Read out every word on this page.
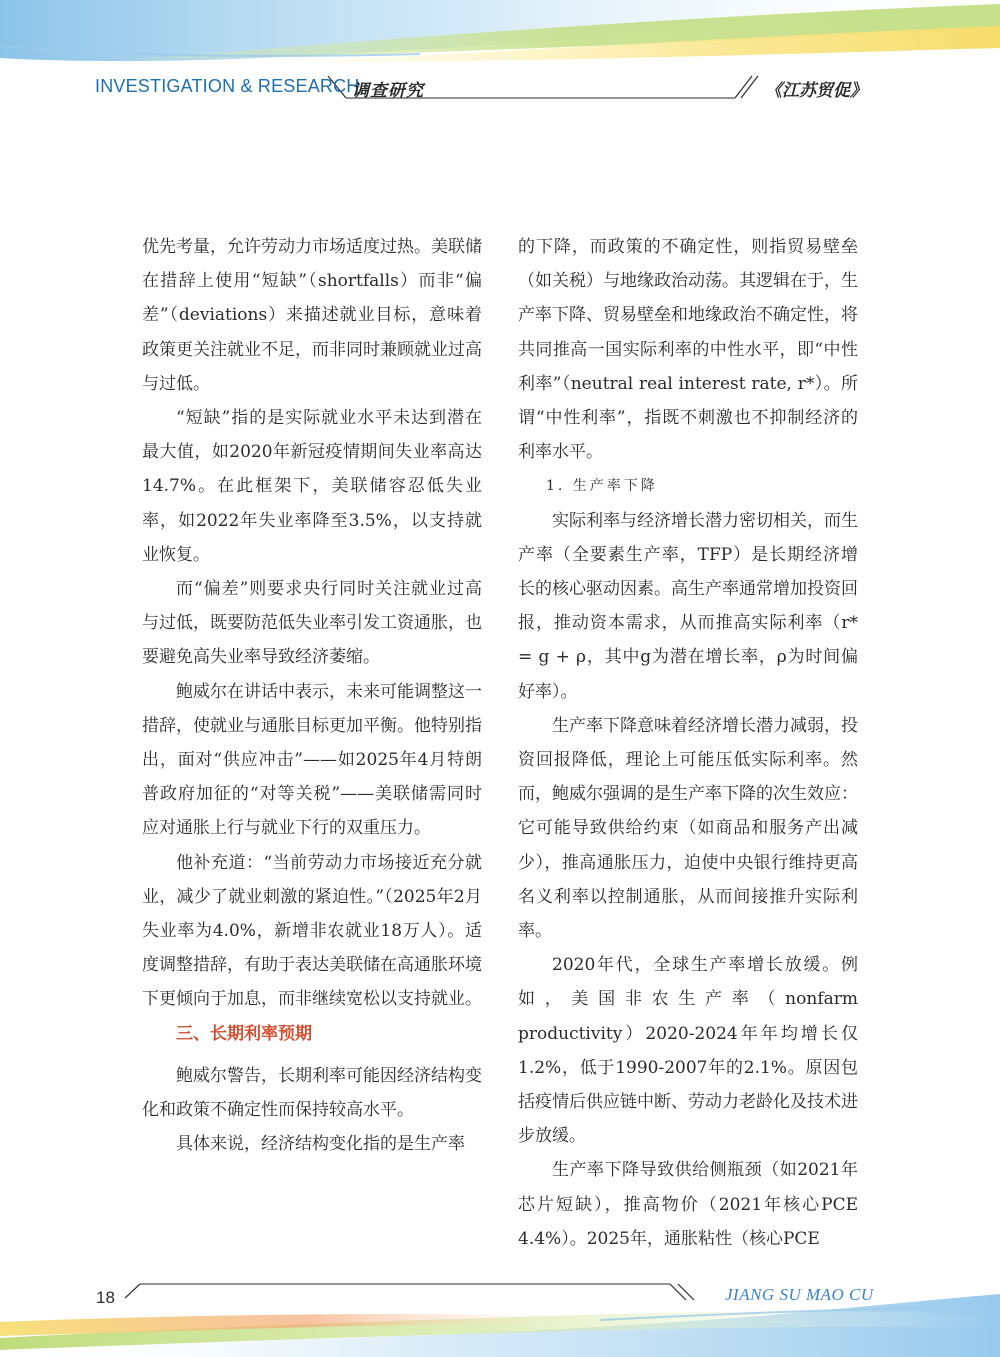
INVESTIGATION & RESEARCH
调查研究	《江苏贸促》

优先考量，允许劳动力市场适度过热。美联储在措辞上使用“短缺”（shortfalls）而非“偏差”（deviations）来描述就业目标，意味着政策更关注就业不足，而非同时兼顾就业过高与过低。

“短缺”指的是实际就业水平未达到潜在最大值，如2020年新冠疫情期间失业率高达14.7%。在此框架下，美联储容忍低失业率，如2022年失业率降至3.5%，以支持就业恢复。

而“偏差”则要求央行同时关注就业过高与过低，既要防范低失业率引发工资通胀，也要避免高失业率导致经济萎缩。

鲍威尔在讲话中表示，未来可能调整这一措辞，使就业与通胀目标更加平衡。他特别指出，面对“供应冲击”——如2025年4月特朗普政府加征的“对等关税”——美联储需同时应对通胀上行与就业下行的双重压力。

他补充道：“当前劳动力市场接近充分就业，减少了就业刺激的紧迫性。”（2025年2月失业率为4.0%，新增非农就业18万人）。适度调整措辞，有助于表达美联储在高通胀环境下更倾向于加息，而非继续宽松以支持就业。

三、长期利率预期

鲍威尔警告，长期利率可能因经济结构变化和政策不确定性而保持较高水平。

具体来说，经济结构变化指的是生产率

的下降，而政策的不确定性，则指贸易壁垒（如关税）与地缘政治动荡。其逻辑在于，生产率下降、贸易壁垒和地缘政治不确定性，将共同推高一国实际利率的中性水平，即“中性利率”（neutral real interest rate, r*）。所谓“中性利率”，指既不刺激也不抑制经济的利率水平。

1. 生产率下降

实际利率与经济增长潜力密切相关，而生产率（全要素生产率，TFP）是长期经济增长的核心驱动因素。高生产率通常增加投资回报，推动资本需求，从而推高实际利率（r* = g + ρ，其中g为潜在增长率，ρ为时间偏好率）。

生产率下降意味着经济增长潜力减弱，投资回报降低，理论上可能压低实际利率。然而，鲍威尔强调的是生产率下降的次生效应：它可能导致供给约束（如商品和服务产出减少），推高通胀压力，迫使中央银行维持更高名义利率以控制通胀，从而间接推升实际利率。

2020年代，全球生产率增长放缓。例如，美国非农生产率（nonfarm productivity）2020-2024年年均增长仅1.2%，低于1990-2007年的2.1%。原因包括疫情后供应链中断、劳动力老龄化及技术进步放缓。

生产率下降导致供给侧瓶颈（如2021年芯片短缺），推高物价（2021年核心PCE 4.4%）。2025年，通胀粘性（核心PCE

18	JIANG SU MAO CU
